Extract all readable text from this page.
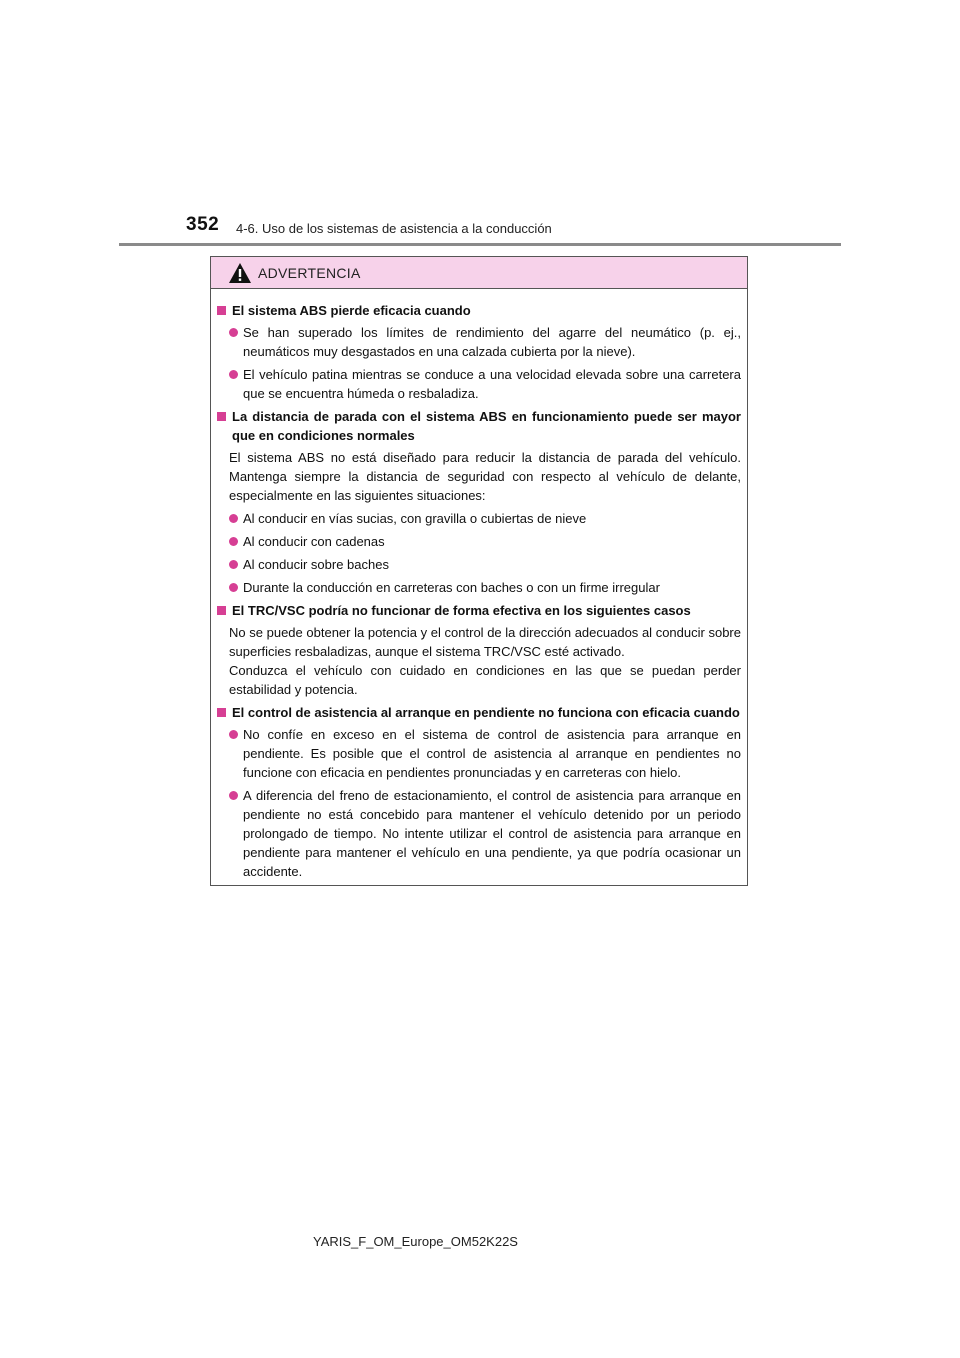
352 4-6. Uso de los sistemas de asistencia a la conducción
ADVERTENCIA
El sistema ABS pierde eficacia cuando
Se han superado los límites de rendimiento del agarre del neumático (p. ej., neumáticos muy desgastados en una calzada cubierta por la nieve).
El vehículo patina mientras se conduce a una velocidad elevada sobre una carretera que se encuentra húmeda o resbaladiza.
La distancia de parada con el sistema ABS en funcionamiento puede ser mayor que en condiciones normales
El sistema ABS no está diseñado para reducir la distancia de parada del vehículo. Mantenga siempre la distancia de seguridad con respecto al vehículo de delante, especialmente en las siguientes situaciones:
Al conducir en vías sucias, con gravilla o cubiertas de nieve
Al conducir con cadenas
Al conducir sobre baches
Durante la conducción en carreteras con baches o con un firme irregular
El TRC/VSC podría no funcionar de forma efectiva en los siguientes casos
No se puede obtener la potencia y el control de la dirección adecuados al conducir sobre superficies resbaladizas, aunque el sistema TRC/VSC esté activado.
Conduzca el vehículo con cuidado en condiciones en las que se puedan perder estabilidad y potencia.
El control de asistencia al arranque en pendiente no funciona con eficacia cuando
No confíe en exceso en el sistema de control de asistencia para arranque en pendiente. Es posible que el control de asistencia al arranque en pendientes no funcione con eficacia en pendientes pronunciadas y en carreteras con hielo.
A diferencia del freno de estacionamiento, el control de asistencia para arranque en pendiente no está concebido para mantener el vehículo detenido por un periodo prolongado de tiempo. No intente utilizar el control de asistencia para arranque en pendiente para mantener el vehículo en una pendiente, ya que podría ocasionar un accidente.
YARIS_F_OM_Europe_OM52K22S
